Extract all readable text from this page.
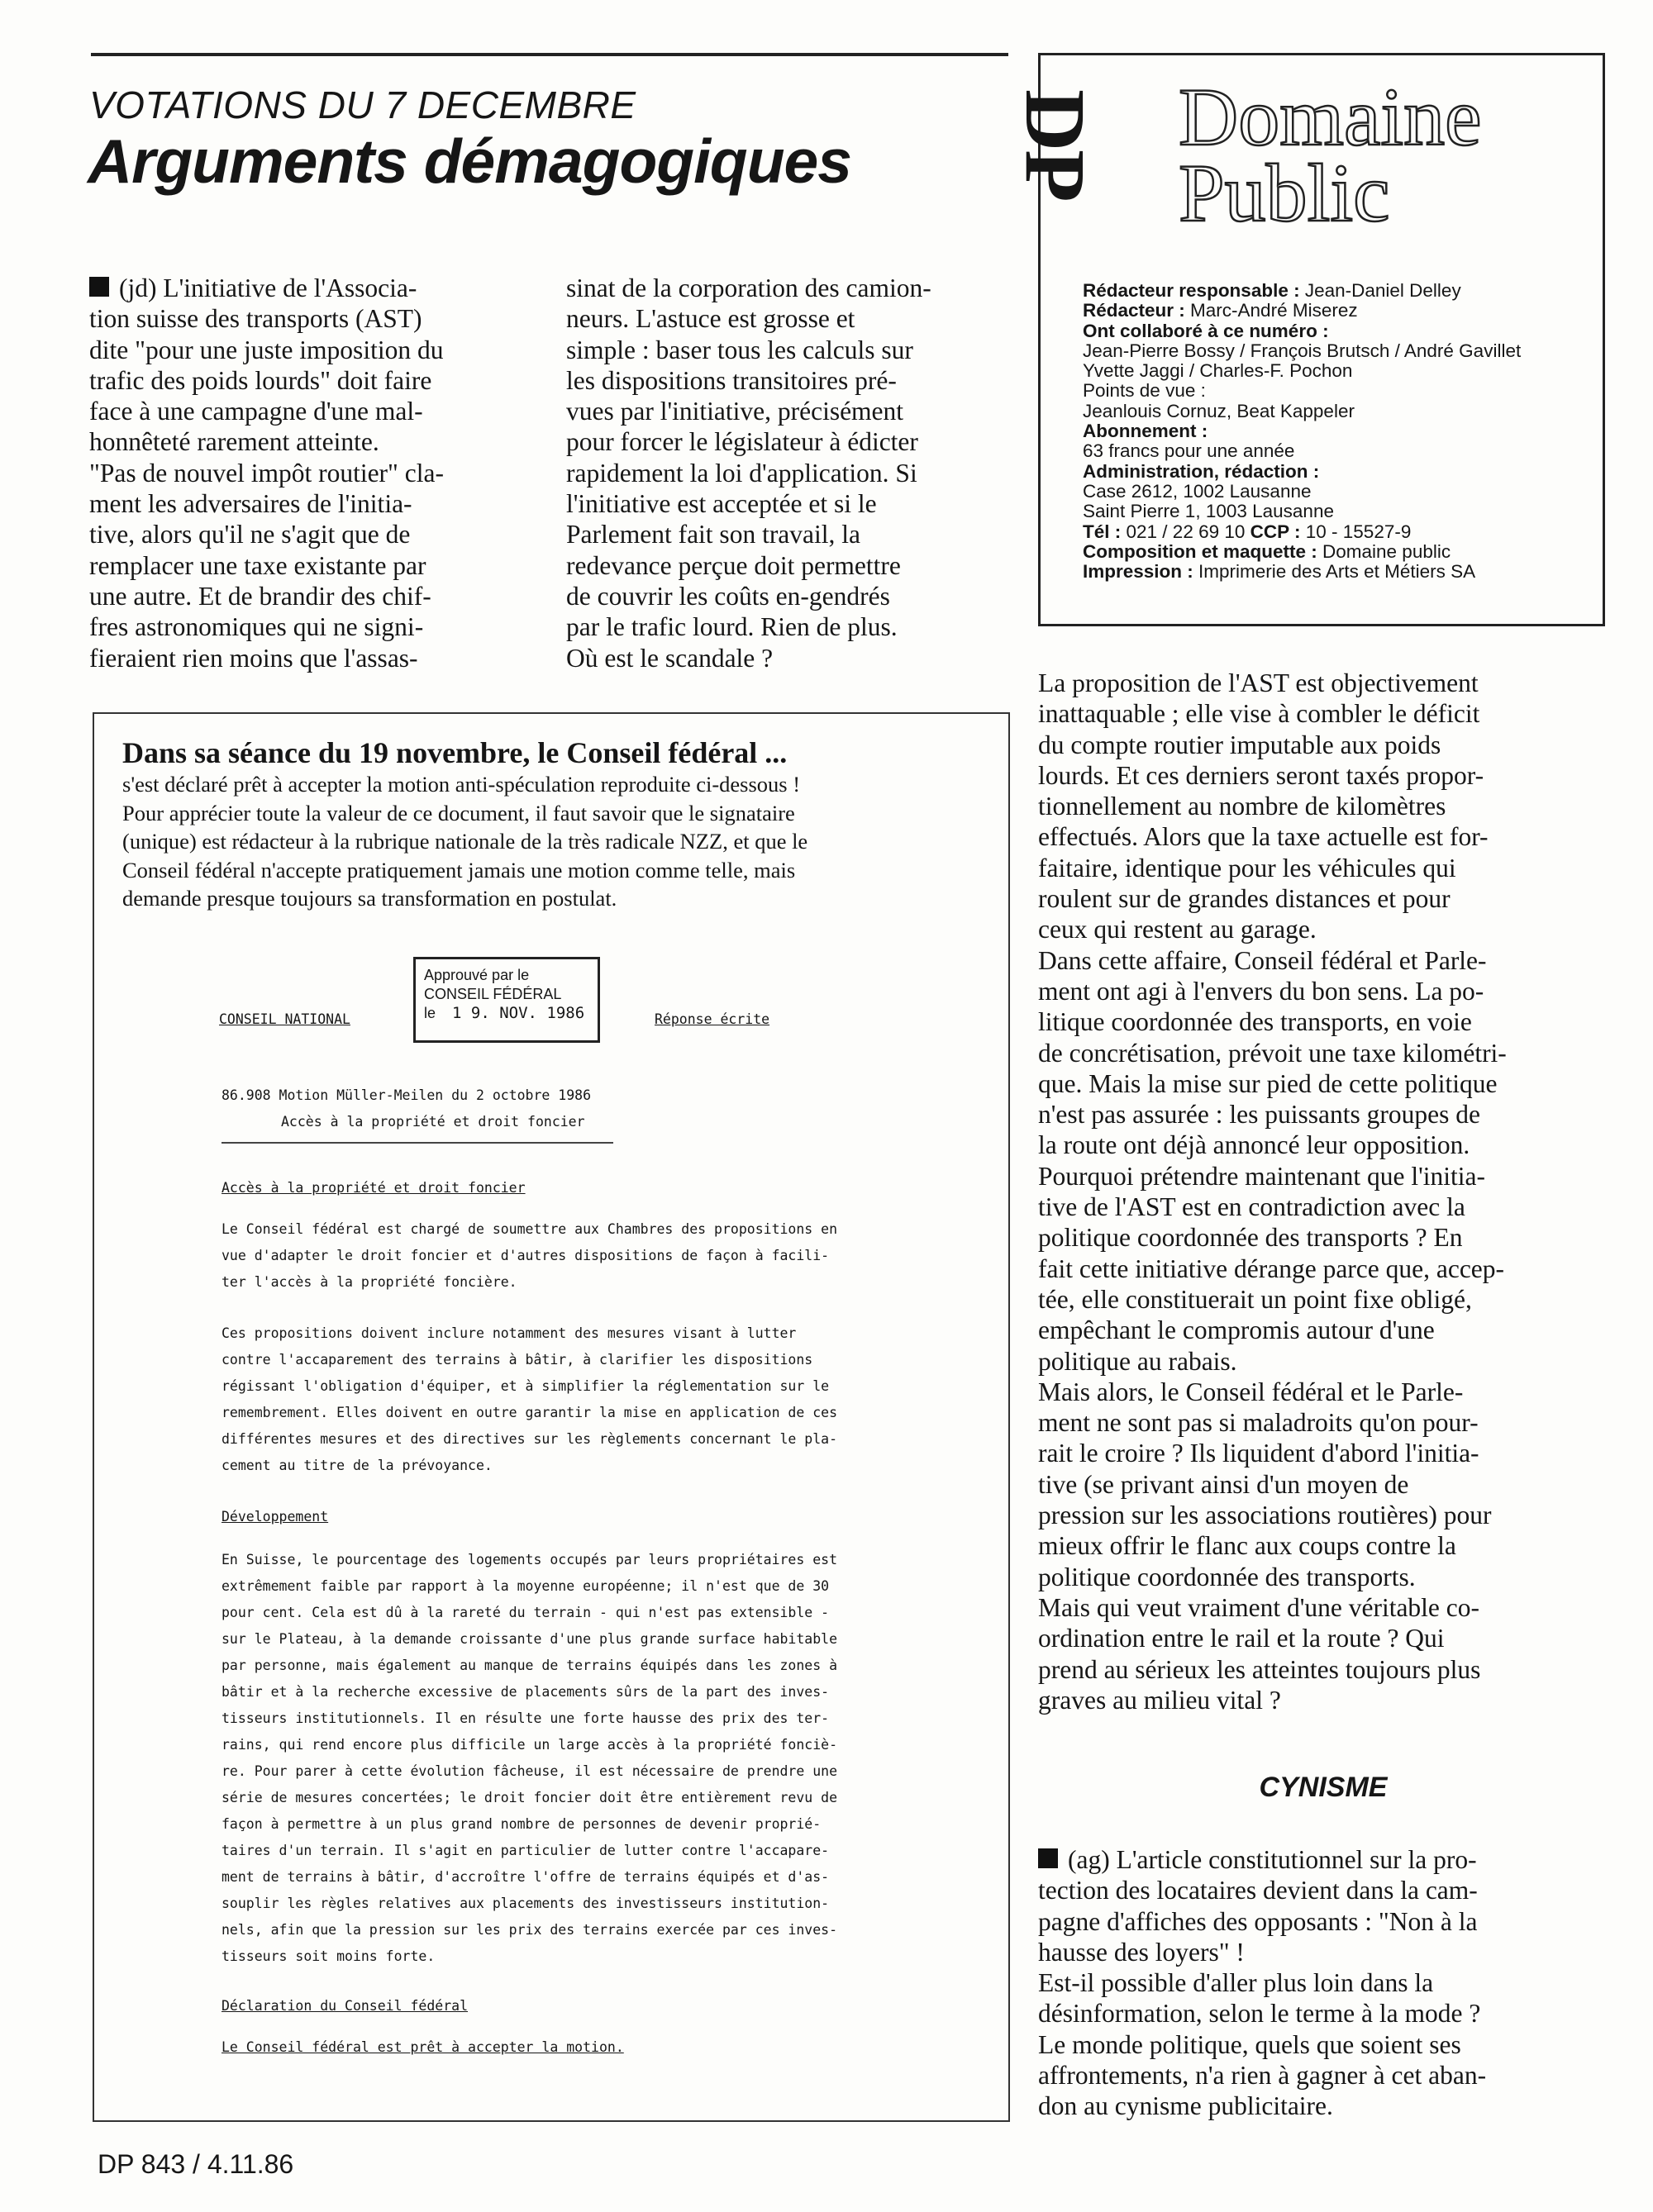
VOTATIONS DU 7 DECEMBRE
Arguments démagogiques

(jd) L'initiative de l'Associa-

tion suisse des transports (AST)

dite "pour une juste imposition du

trafic des poids lourds" doit faire

face à une campagne d'une mal-

honnêteté rarement atteinte.

"Pas de nouvel impôt routier" cla-

ment les adversaires de l'initia-

tive, alors qu'il ne s'agit que de

remplacer une taxe existante par

une autre. Et de brandir des chif-

fres astronomiques qui ne signi-

fieraient rien moins que l'assas-

sinat de la corporation des camion-

neurs. L'astuce est grosse et

simple : baser tous les calculs sur

les dispositions transitoires pré-

vues par l'initiative, précisément

pour forcer le législateur à édicter

rapidement la loi d'application. Si

l'initiative est acceptée et si le

Parlement fait son travail, la

redevance perçue doit permettre

de couvrir les coûts en-gendrés

par le trafic lourd. Rien de plus.

Où est le scandale ?

DP Domaine
Public
Rédacteur responsable : Jean-Daniel Delley
Rédacteur : Marc-André Miserez
Ont collaboré à ce numéro :
Jean-Pierre Bossy / François Brutsch / André Gavillet
Yvette Jaggi / Charles-F. Pochon
Points de vue :
Jeanlouis Cornuz, Beat Kappeler
Abonnement :
63 francs pour une année
Administration, rédaction :
Case 2612, 1002 Lausanne
Saint Pierre 1, 1003 Lausanne
Tél : 021 / 22 69 10 CCP : 10 - 15527-9
Composition et maquette : Domaine public
Impression : Imprimerie des Arts et Métiers SA

La proposition de l'AST est objectivement

inattaquable ; elle vise à combler le déficit

du compte routier imputable aux poids

lourds. Et ces derniers seront taxés propor-

tionnellement au nombre de kilomètres

effectués. Alors que la taxe actuelle est for-

faitaire, identique pour les véhicules qui

roulent sur de grandes distances et pour

ceux qui restent au garage.

Dans cette affaire, Conseil fédéral et Parle-

ment ont agi à l'envers du bon sens. La po-

litique coordonnée des transports, en voie

de concrétisation, prévoit une taxe kilométri-

que. Mais la mise sur pied de cette politique

n'est pas assurée : les puissants groupes de

la route ont déjà annoncé leur opposition.

Pourquoi prétendre maintenant que l'initia-

tive de l'AST est en contradiction avec la

politique coordonnée des transports ? En

fait cette initiative dérange parce que, accep-

tée, elle constituerait un point fixe obligé,

empêchant le compromis autour d'une

politique au rabais.

Mais alors, le Conseil fédéral et le Parle-

ment ne sont pas si maladroits qu'on pour-

rait le croire ? Ils liquident d'abord l'initia-

tive (se privant ainsi d'un moyen de

pression sur les associations routières) pour

mieux offrir le flanc aux coups contre la

politique coordonnée des transports.

Mais qui veut vraiment d'une véritable co-

ordination entre le rail et la route ? Qui

prend au sérieux les atteintes toujours plus

graves au milieu vital ?

CYNISME

(ag) L'article constitutionnel sur la pro-

tection des locataires devient dans la cam-

pagne d'affiches des opposants : "Non à la

hausse des loyers" !

Est-il possible d'aller plus loin dans la

désinformation, selon le terme à la mode ?

Le monde politique, quels que soient ses

affrontements, n'a rien à gagner à cet aban-

don au cynisme publicitaire.

Dans sa séance du 19 novembre, le Conseil fédéral ...
s'est déclaré prêt à accepter la motion anti-spéculation reproduite ci-dessous !
Pour apprécier toute la valeur de ce document, il faut savoir que le signataire
(unique) est rédacteur à la rubrique nationale de la très radicale NZZ, et que le
Conseil fédéral n'accepte pratiquement jamais une motion comme telle, mais
demande presque toujours sa transformation en postulat.
CONSEIL NATIONAL
Approuvé par le
CONSEIL FÉDÉRAL
le 1 9. NOV. 1986	Réponse écrite
86.908 Motion Müller-Meilen du 2 octobre 1986
Accès à la propriété et droit foncier
Accès à la propriété et droit foncier
Le Conseil fédéral est chargé de soumettre aux Chambres des propositions en
vue d'adapter le droit foncier et d'autres dispositions de façon à facili-
ter l'accès à la propriété foncière.
Ces propositions doivent inclure notamment des mesures visant à lutter
contre l'accaparement des terrains à bâtir, à clarifier les dispositions
régissant l'obligation d'équiper, et à simplifier la réglementation sur le
remembrement. Elles doivent en outre garantir la mise en application de ces
différentes mesures et des directives sur les règlements concernant le pla-
cement au titre de la prévoyance.
Développement
En Suisse, le pourcentage des logements occupés par leurs propriétaires est
extrêmement faible par rapport à la moyenne européenne; il n'est que de 30
pour cent. Cela est dû à la rareté du terrain - qui n'est pas extensible -
sur le Plateau, à la demande croissante d'une plus grande surface habitable
par personne, mais également au manque de terrains équipés dans les zones à
bâtir et à la recherche excessive de placements sûrs de la part des inves-
tisseurs institutionnels. Il en résulte une forte hausse des prix des ter-
rains, qui rend encore plus difficile un large accès à la propriété fonciè-
re. Pour parer à cette évolution fâcheuse, il est nécessaire de prendre une
série de mesures concertées; le droit foncier doit être entièrement revu de
façon à permettre à un plus grand nombre de personnes de devenir proprié-
taires d'un terrain. Il s'agit en particulier de lutter contre l'accapare-
ment de terrains à bâtir, d'accroître l'offre de terrains équipés et d'as-
souplir les règles relatives aux placements des investisseurs institution-
nels, afin que la pression sur les prix des terrains exercée par ces inves-
tisseurs soit moins forte.
Déclaration du Conseil fédéral
Le Conseil fédéral est prêt à accepter la motion.
DP 843 / 4.11.86
